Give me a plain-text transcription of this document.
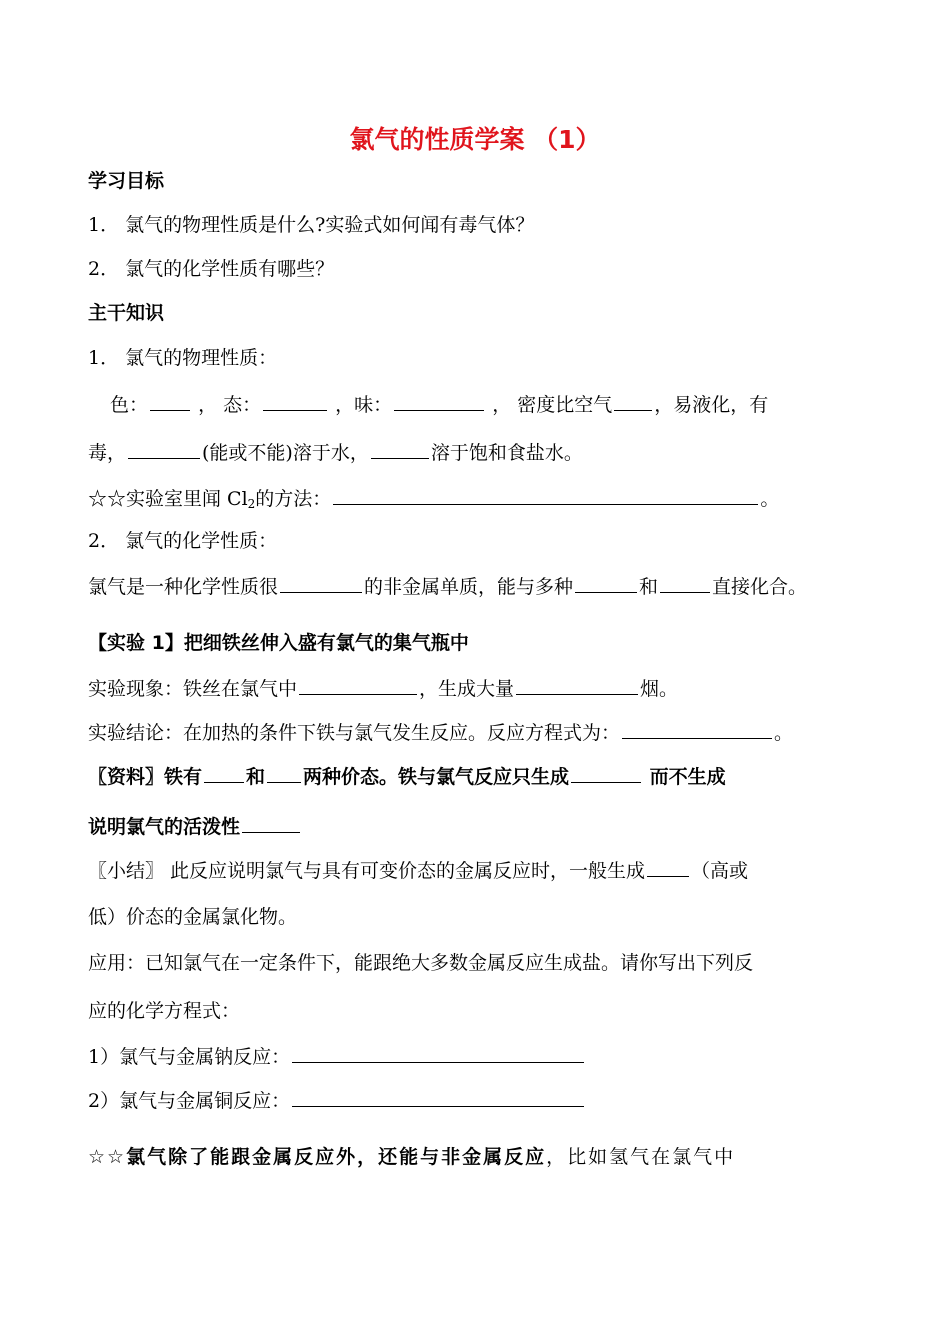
氯气的性质学案 （1）
学习目标
1． 氯气的物理性质是什么?实验式如何闻有毒气体？
2． 氯气的化学性质有哪些？
主干知识
1． 氯气的物理性质：
色：	， 态：	，味：	， 密度比空气 ，易液化，有
毒，	(能或不能)溶于水，	溶于饱和食盐水。
☆☆实验室里闻 $Cl_2$的方法：	。
2． 氯气的化学性质：
氯气是一种化学性质很	的非金属单质，能与多种	和	直接化合。
【实验 1】把细铁丝伸入盛有氯气的集气瓶中
实验现象：铁丝在氯气中	，生成大量	烟。
实验结论：在加热的条件下铁与氯气发生反应。反应方程式为：	。
〖资料〗铁有 和 两种价态。铁与氯气反应只生成	而不生成
说明氯气的活泼性
〖小结〗 此反应说明氯气与具有可变价态的金属反应时，一般生成 （高或
低）价态的金属氯化物。
应用：已知氯气在一定条件下，能跟绝大多数金属反应生成盐。请你写出下列反
应的化学方程式：
1）氯气与金属钠反应：
2）氯气与金属铜反应：
☆☆氯气除了能跟金属反应外，还能与非金属反应，比如氢气在氯气中
